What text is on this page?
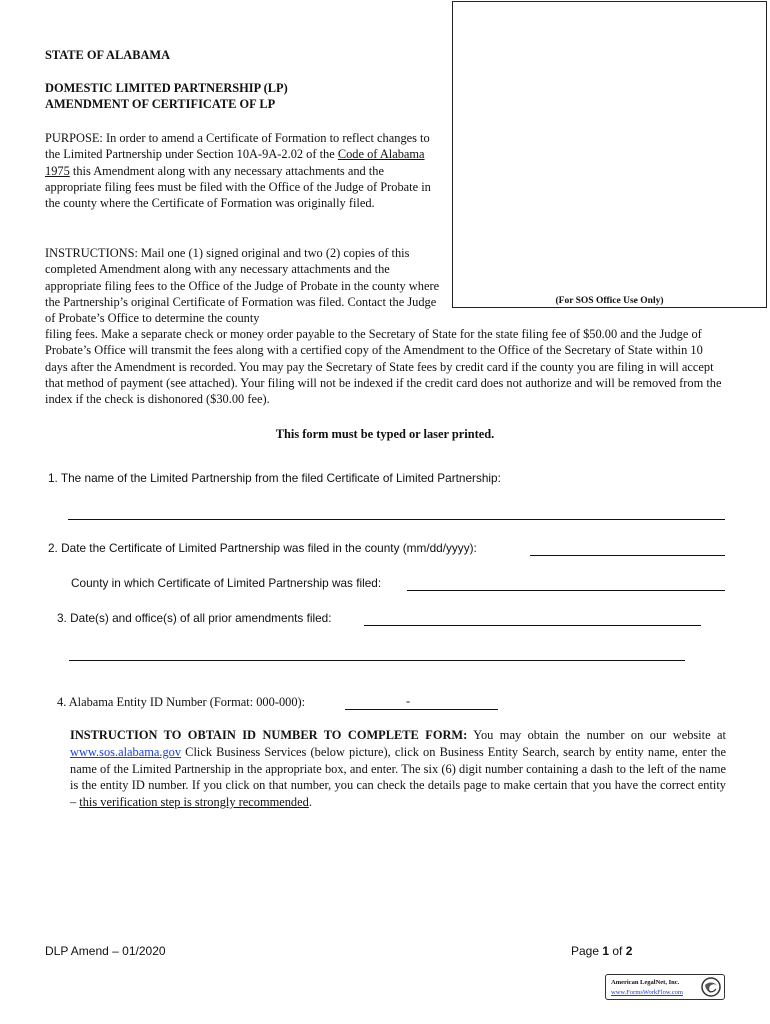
(For SOS Office Use Only)
STATE OF ALABAMA
DOMESTIC LIMITED PARTNERSHIP (LP)
AMENDMENT OF CERTIFICATE OF LP
PURPOSE: In order to amend a Certificate of Formation to reflect changes to the Limited Partnership under Section 10A-9A-2.02 of the Code of Alabama 1975 this Amendment along with any necessary attachments and the appropriate filing fees must be filed with the Office of the Judge of Probate in the county where the Certificate of Formation was originally filed.
INSTRUCTIONS: Mail one (1) signed original and two (2) copies of this completed Amendment along with any necessary attachments and the appropriate filing fees to the Office of the Judge of Probate in the county where the Partnership’s original Certificate of Formation was filed. Contact the Judge of Probate’s Office to determine the county
filing fees. Make a separate check or money order payable to the Secretary of State for the state filing fee of $50.00 and the Judge of Probate’s Office will transmit the fees along with a certified copy of the Amendment to the Office of the Secretary of State within 10 days after the Amendment is recorded. You may pay the Secretary of State fees by credit card if the county you are filing in will accept that method of payment (see attached). Your filing will not be indexed if the credit card does not authorize and will be removed from the index if the check is dishonored ($30.00 fee).
This form must be typed or laser printed.
1. The name of the Limited Partnership from the filed Certificate of Limited Partnership:
2. Date the Certificate of Limited Partnership was filed in the county (mm/dd/yyyy):
County in which Certificate of Limited Partnership was filed:
3. Date(s) and office(s) of all prior amendments filed:
4. Alabama Entity ID Number (Format: 000-000):	-
INSTRUCTION TO OBTAIN ID NUMBER TO COMPLETE FORM: You may obtain the number on our website at www.sos.alabama.gov Click Business Services (below picture), click on Business Entity Search, search by entity name, enter the name of the Limited Partnership in the appropriate box, and enter. The six (6) digit number containing a dash to the left of the name is the entity ID number. If you click on that number, you can check the details page to make certain that you have the correct entity – this verification step is strongly recommended.
DLP Amend – 01/2020	Page 1 of 2
American LegalNet, Inc.
www.FormsWorkFlow.com
